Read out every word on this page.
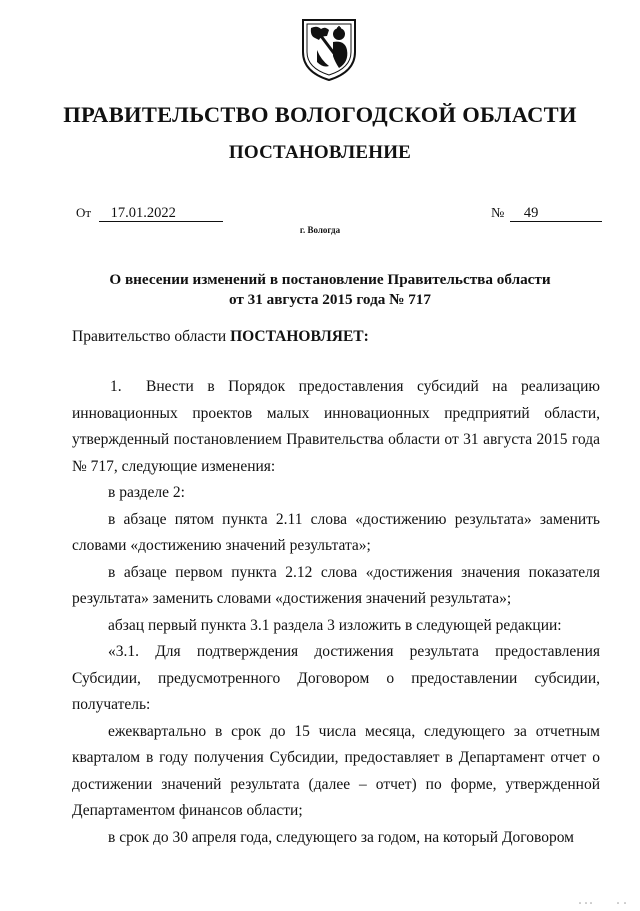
ПРАВИТЕЛЬСТВО ВОЛОГОДСКОЙ ОБЛАСТИ
ПОСТАНОВЛЕНИЕ
От 17.01.2022	№ 49
г. Вологда
О внесении изменений в постановление Правительства области
от 31 августа 2015 года № 717

Правительство области ПОСТАНОВЛЯЕТ:

1. Внести в Порядок предоставления субсидий на реализацию инновационных проектов малых инновационных предприятий области, утвержденный постановлением Правительства области от 31 августа 2015 года № 717, следующие изменения:

в разделе 2:

в абзаце пятом пункта 2.11 слова «достижению результата» заменить словами «достижению значений результата»;

в абзаце первом пункта 2.12 слова «достижения значения показателя результата» заменить словами «достижения значений результата»;

абзац первый пункта 3.1 раздела 3 изложить в следующей редакции:

«3.1. Для подтверждения достижения результата предоставления Субсидии, предусмотренного Договором о предоставлении субсидии, получатель:

ежеквартально в срок до 15 числа месяца, следующего за отчетным кварталом в году получения Субсидии, предоставляет в Департамент отчет о достижении значений результата (далее – отчет) по форме, утвержденной Департаментом финансов области;

в срок до 30 апреля года, следующего за годом, на который Договором
